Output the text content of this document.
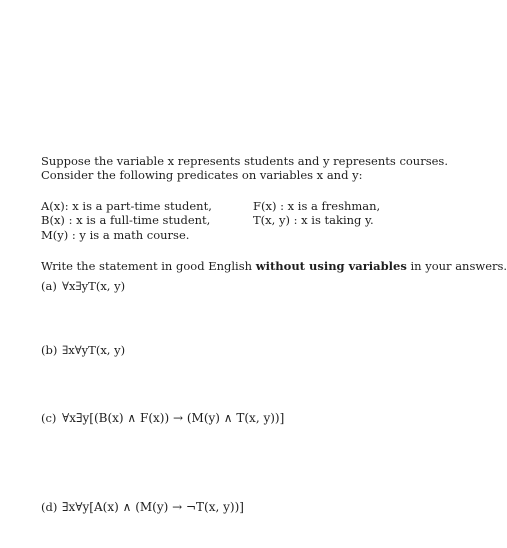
Suppose the variable x represents students and y represents courses.
Consider the following predicates on variables x and y:
A(x): x is a part-time student,
B(x) : x is a full-time student,
M(y) : y is a math course.
F(x) : x is a freshman,
T(x, y) : x is taking y.
Write the statement in good English without using variables in your answers.
(a) ∀x∃yT(x, y)
(b) ∃x∀yT(x, y)
(c) ∀x∃y[(B(x) ∧ F(x)) → (M(y) ∧ T(x, y))]
(d) ∃x∀y[A(x) ∧ (M(y) → ¬T(x, y))]
